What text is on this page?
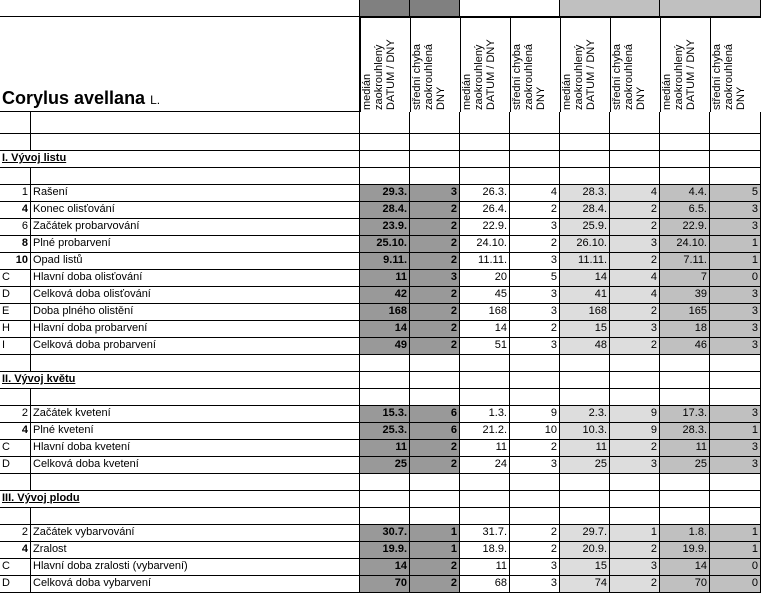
Corylus avellana L.	medián zaokrouhlený DATUM / DNY	střední chyba zaokrouhlená DNY	medián zaokrouhlený DATUM / DNY	střední chyba zaokrouhlená DNY	medián zaokrouhlený DATUM / DNY	střední chyba zaokrouhlená DNY	medián zaokrouhlený DATUM / DNY	střední chyba zaokrouhlená DNY
I. Vývoj listu
1 Rašení	29.3.	3	26.3.	4	28.3.	4	4.4.	5
4 Konec olisťování	28.4.	2	26.4.	2	28.4.	2	6.5.	3
6 Začátek probarvování	23.9.	2	22.9.	3	25.9.	2	22.9.	3
8 Plné probarvení	25.10.	2	24.10.	2	26.10.	3	24.10.	1
10 Opad listů	9.11.	2	11.11.	3	11.11.	2	7.11.	1
C	Hlavní doba olisťování	11	3	20	5	14	4	7	0
D	Celková doba olisťování	42	2	45	3	41	4	39	3
E	Doba plného olistění	168	2	168	3	168	2	165	3
H	Hlavní doba probarvení	14	2	14	2	15	3	18	3
I	Celková doba probarvení	49	2	51	3	48	2	46	3
II. Vývoj květu
2 Začátek kvetení	15.3.	6	1.3.	9	2.3.	9	17.3.	3
4 Plné kvetení	25.3.	6	21.2.	10	10.3.	9	28.3.	1
C	Hlavní doba kvetení	11	2	11	2	11	2	11	3
D	Celková doba kvetení	25	2	24	3	25	3	25	3
III. Vývoj plodu
2 Začátek vybarvování	30.7.	1	31.7.	2	29.7.	1	1.8.	1
4 Zralost	19.9.	1	18.9.	2	20.9.	2	19.9.	1
C	Hlavní doba zralosti (vybarvení)	14	2	11	3	15	3	14	0
D	Celková doba vybarvení	70	2	68	3	74	2	70	0
